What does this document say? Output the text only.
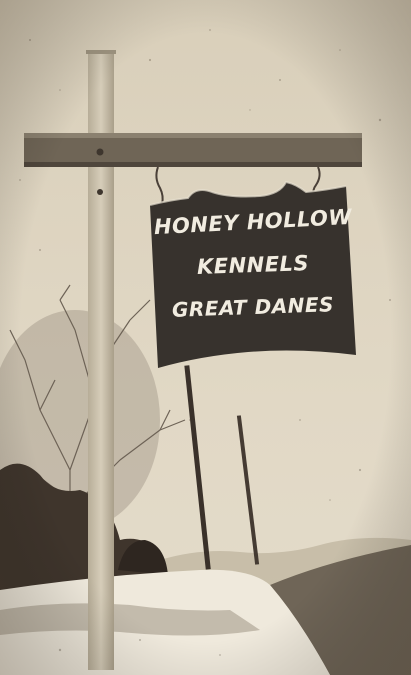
HONEY HOLLOW
KENNELS
GREAT DANES
